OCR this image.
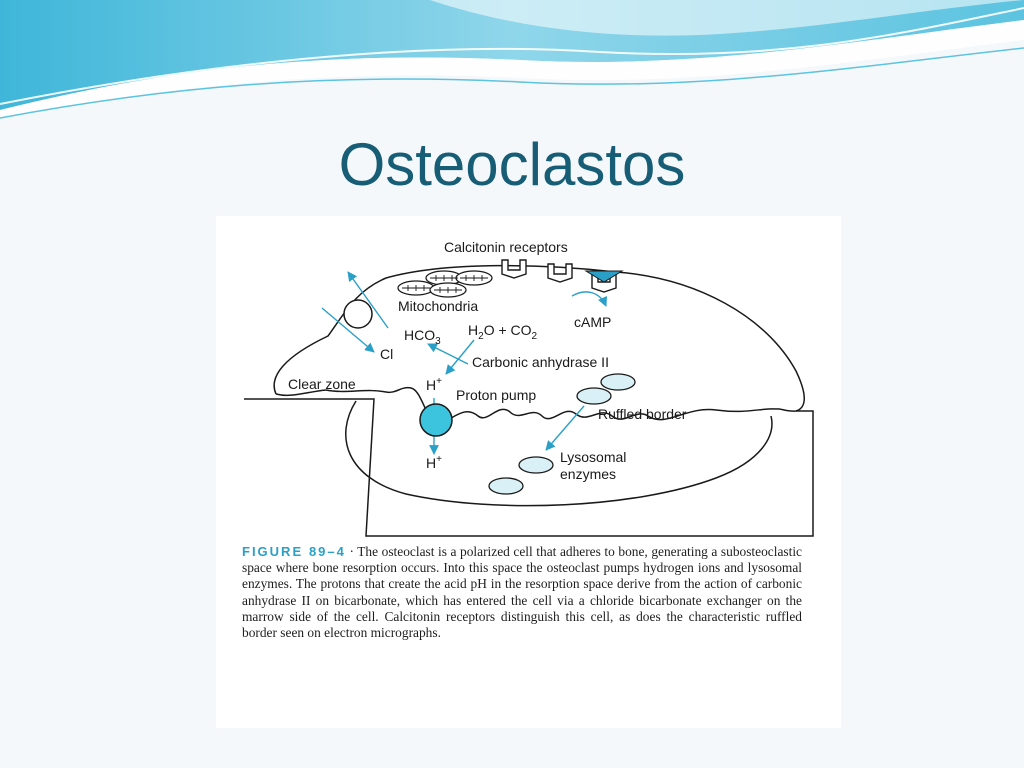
Osteoclastos
Calcitonin receptors
Mitochondria
cAMP
$HCO_3$
$H_2O + CO_2$
Cl	Carbonic anhydrase II
Clear zone	H+
Proton pump
Ruffled border
H+	Lysosomal
enzymes

FIGURE 89–4 · The osteoclast is a polarized cell that adheres to bone, generating a subosteoclastic space where bone resorption occurs. Into this space the osteoclast pumps hydrogen ions and lysosomal enzymes. The protons that create the acid pH in the resorption space derive from the action of carbonic anhydrase II on bicarbonate, which has entered the cell via a chloride bicarbonate exchanger on the marrow side of the cell. Calcitonin receptors distinguish this cell, as does the characteristic ruffled border seen on electron micrographs.
